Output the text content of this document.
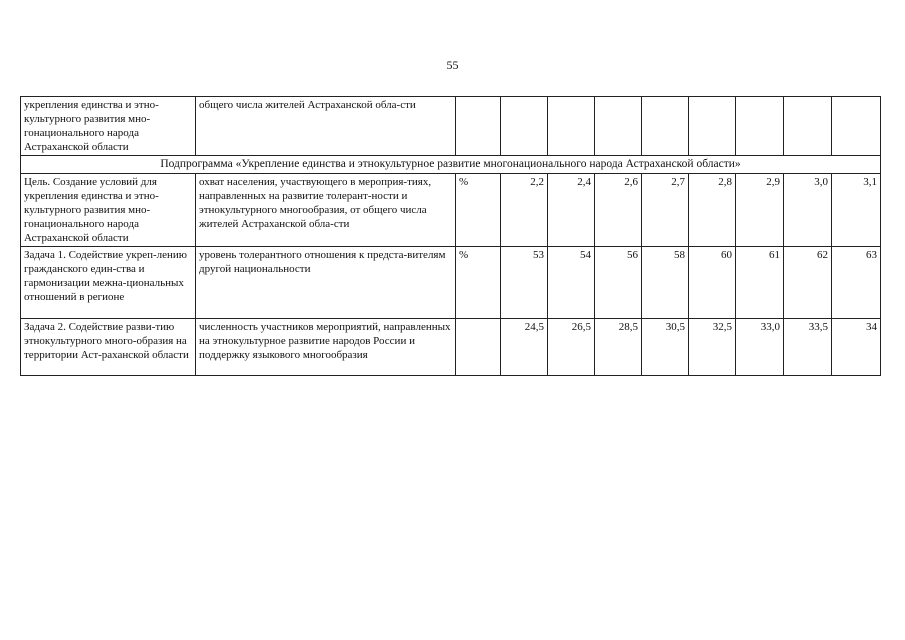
55
укрепления единства и этно-культурного развития мно-гонационального народа Астраханской области	общего числа жителей Астраханской обла-сти									
Подпрограмма «Укрепление единства и этнокультурное развитие многонационального народа Астраханской области»										
Цель. Создание условий для укрепления единства и этно-культурного развития мно-гонационального народа Астраханской области	охват населения, участвующего в мероприя-тиях, направленных на развитие толерант-ности и этнокультурного многообразия, от общего числа жителей Астраханской обла-сти	%	2,2	2,4	2,6	2,7	2,8	2,9	3,0	3,1
Задача 1. Содействие укреп-лению гражданского един-ства и гармонизации межна-циональных отношений в регионе	уровень толерантного отношения к предста-вителям другой национальности	%	53	54	56	58	60	61	62	63
Задача 2. Содействие разви-тию этнокультурного много-образия на территории Аст-раханской области	численность участников мероприятий, направленных на этнокультурное развитие народов России и поддержку языкового многообразия		24,5	26,5	28,5	30,5	32,5	33,0	33,5	34
